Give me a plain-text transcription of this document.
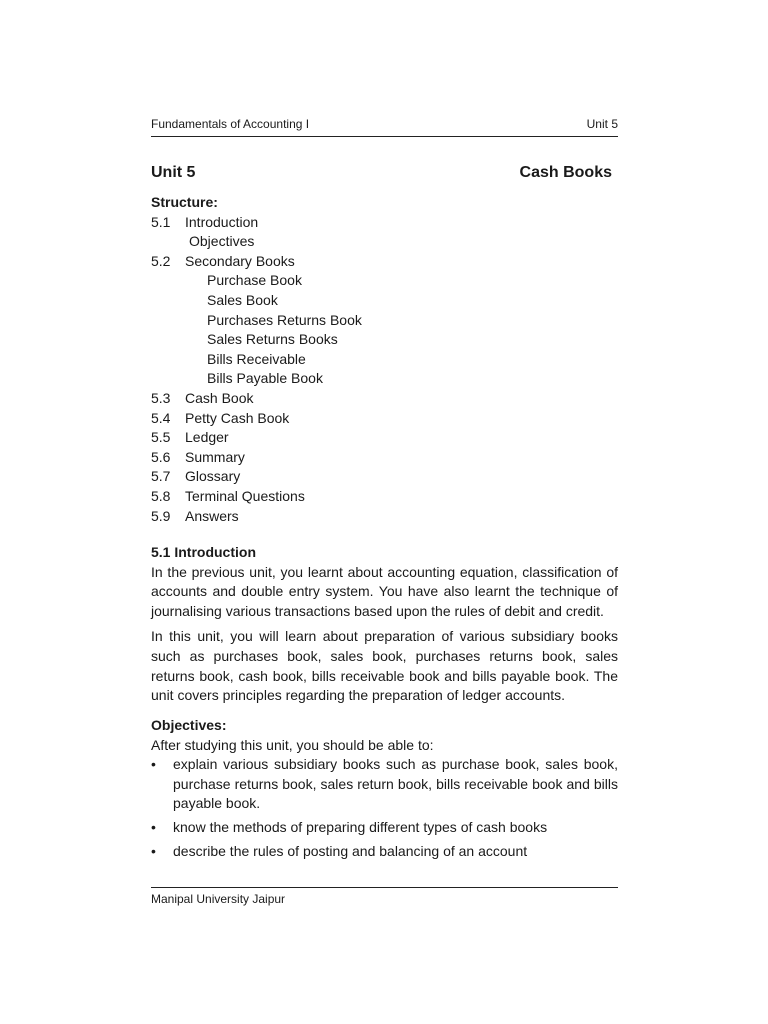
Fundamentals of Accounting I	Unit 5
Unit 5	Cash Books
Structure:
5.1	Introduction
Objectives
5.2	Secondary Books
Purchase Book
Sales Book
Purchases Returns Book
Sales Returns Books
Bills Receivable
Bills Payable Book
5.3	Cash Book
5.4	Petty Cash Book
5.5	Ledger
5.6	Summary
5.7	Glossary
5.8	Terminal Questions
5.9	Answers
5.1 Introduction

In the previous unit, you learnt about accounting equation, classification of accounts and double entry system. You have also learnt the technique of journalising various transactions based upon the rules of debit and credit.

In this unit, you will learn about preparation of various subsidiary books such as purchases book, sales book, purchases returns book, sales returns book, cash book, bills receivable book and bills payable book. The unit covers principles regarding the preparation of ledger accounts.

Objectives:
After studying this unit, you should be able to:
• explain various subsidiary books such as purchase book, sales book, purchase returns book, sales return book, bills receivable book and bills payable book.
• know the methods of preparing different types of cash books
• describe the rules of posting and balancing of an account
Manipal University Jaipur
